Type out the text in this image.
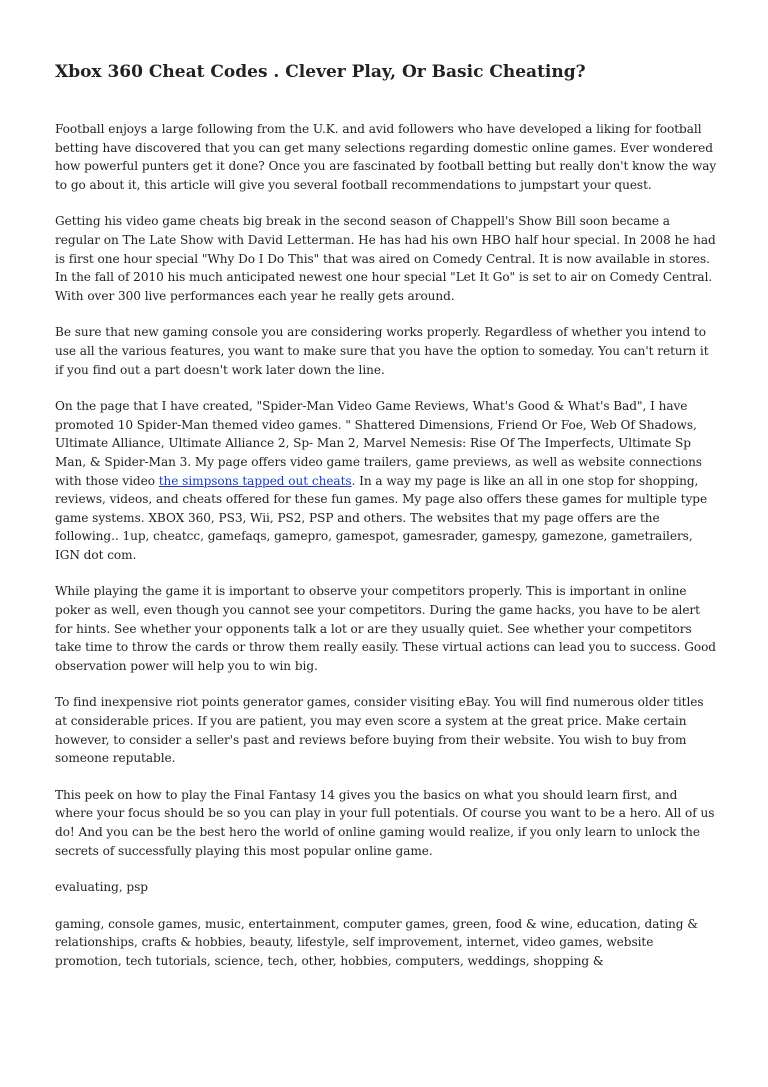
Xbox 360 Cheat Codes . Clever Play, Or Basic Cheating?

Football enjoys a large following from the U.K. and avid followers who have developed a liking for football betting have discovered that you can get many selections regarding domestic online games. Ever wondered how powerful punters get it done? Once you are fascinated by football betting but really don't know the way to go about it, this article will give you several football recommendations to jumpstart your quest.

Getting his video game cheats big break in the second season of Chappell's Show Bill soon became a regular on The Late Show with David Letterman. He has had his own HBO half hour special. In 2008 he had is first one hour special "Why Do I Do This" that was aired on Comedy Central. It is now available in stores. In the fall of 2010 his much anticipated newest one hour special "Let It Go" is set to air on Comedy Central. With over 300 live performances each year he really gets around.

Be sure that new gaming console you are considering works properly. Regardless of whether you intend to use all the various features, you want to make sure that you have the option to someday. You can't return it if you find out a part doesn't work later down the line.

On the page that I have created, "Spider-Man Video Game Reviews, What's Good & What's Bad", I have promoted 10 Spider-Man themed video games. " Shattered Dimensions, Friend Or Foe, Web Of Shadows, Ultimate Alliance, Ultimate Alliance 2, Sp- Man 2, Marvel Nemesis: Rise Of The Imperfects, Ultimate Sp Man, & Spider-Man 3. My page offers video game trailers, game previews, as well as website connections with those video the simpsons tapped out cheats. In a way my page is like an all in one stop for shopping, reviews, videos, and cheats offered for these fun games. My page also offers these games for multiple type game systems. XBOX 360, PS3, Wii, PS2, PSP and others. The websites that my page offers are the following.. 1up, cheatcc, gamefaqs, gamepro, gamespot, gamesrader, gamespy, gamezone, gametrailers, IGN dot com.

While playing the game it is important to observe your competitors properly. This is important in online poker as well, even though you cannot see your competitors. During the game hacks, you have to be alert for hints. See whether your opponents talk a lot or are they usually quiet. See whether your competitors take time to throw the cards or throw them really easily. These virtual actions can lead you to success. Good observation power will help you to win big.

To find inexpensive riot points generator games, consider visiting eBay. You will find numerous older titles at considerable prices. If you are patient, you may even score a system at the great price. Make certain however, to consider a seller's past and reviews before buying from their website. You wish to buy from someone reputable.

This peek on how to play the Final Fantasy 14 gives you the basics on what you should learn first, and where your focus should be so you can play in your full potentials. Of course you want to be a hero. All of us do! And you can be the best hero the world of online gaming would realize, if you only learn to unlock the secrets of successfully playing this most popular online game.

evaluating, psp

gaming, console games, music, entertainment, computer games, green, food & wine, education, dating & relationships, crafts & hobbies, beauty, lifestyle, self improvement, internet, video games, website promotion, tech tutorials, science, tech, other, hobbies, computers, weddings, shopping &
